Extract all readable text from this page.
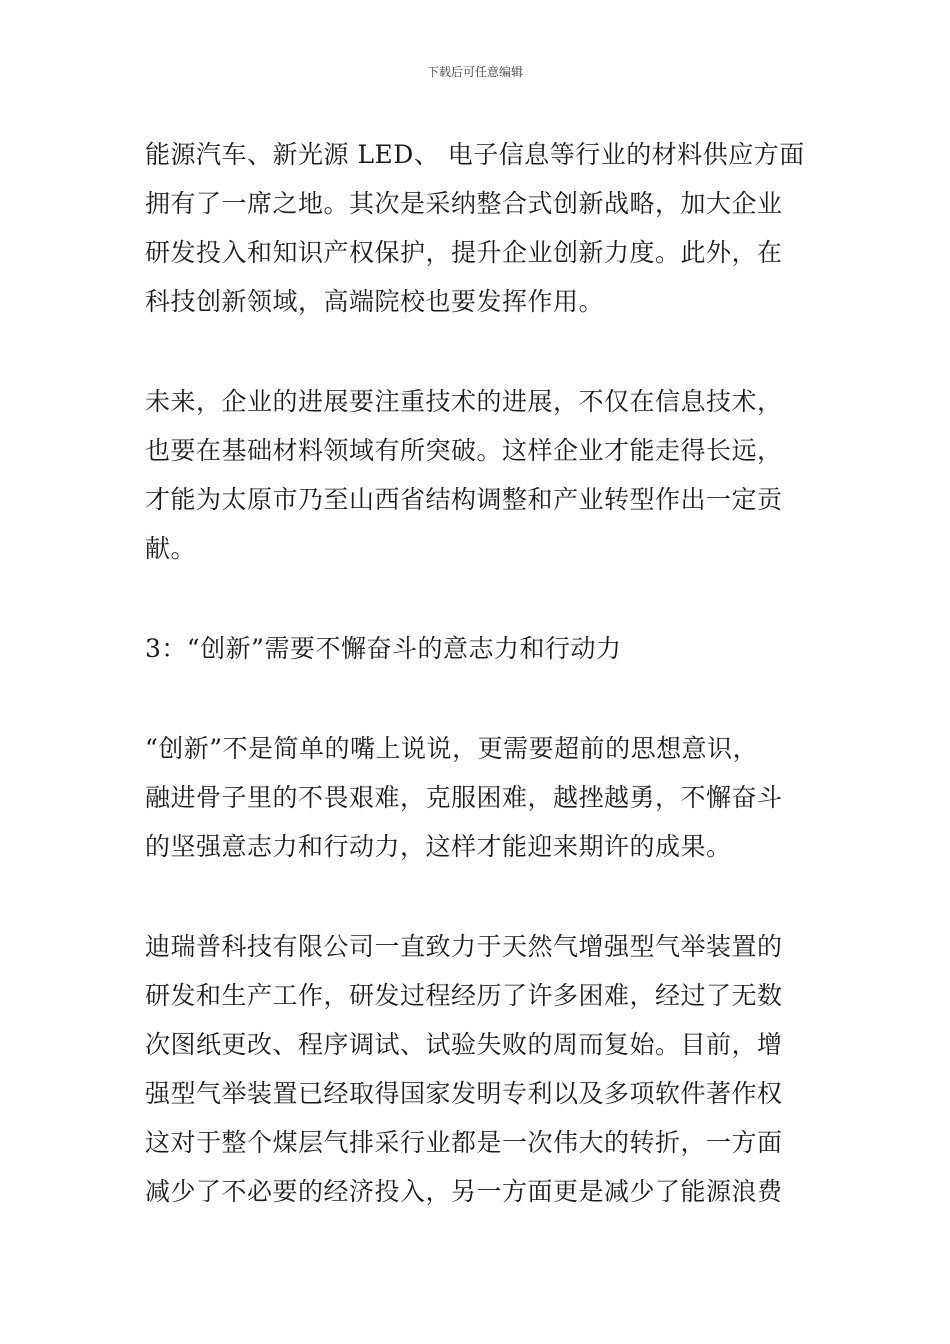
下载后可任意编辑

能源汽车、新光源 LED、 电子信息等行业的材料供应方面
拥有了一席之地。其次是采纳整合式创新战略，加大企业
研发投入和知识产权保护，提升企业创新力度。此外，在
科技创新领域，高端院校也要发挥作用。

未来，企业的进展要注重技术的进展，不仅在信息技术，
也要在基础材料领域有所突破。这样企业才能走得长远，
才能为太原市乃至山西省结构调整和产业转型作出一定贡
献。

3：“创新”需要不懈奋斗的意志力和行动力

“创新”不是简单的嘴上说说，更需要超前的思想意识，
融进骨子里的不畏艰难，克服困难，越挫越勇，不懈奋斗
的坚强意志力和行动力，这样才能迎来期许的成果。

迪瑞普科技有限公司一直致力于天然气增强型气举装置的
研发和生产工作，研发过程经历了许多困难，经过了无数
次图纸更改、程序调试、试验失败的周而复始。目前，增
强型气举装置已经取得国家发明专利以及多项软件著作权
这对于整个煤层气排采行业都是一次伟大的转折，一方面
减少了不必要的经济投入，另一方面更是减少了能源浪费
